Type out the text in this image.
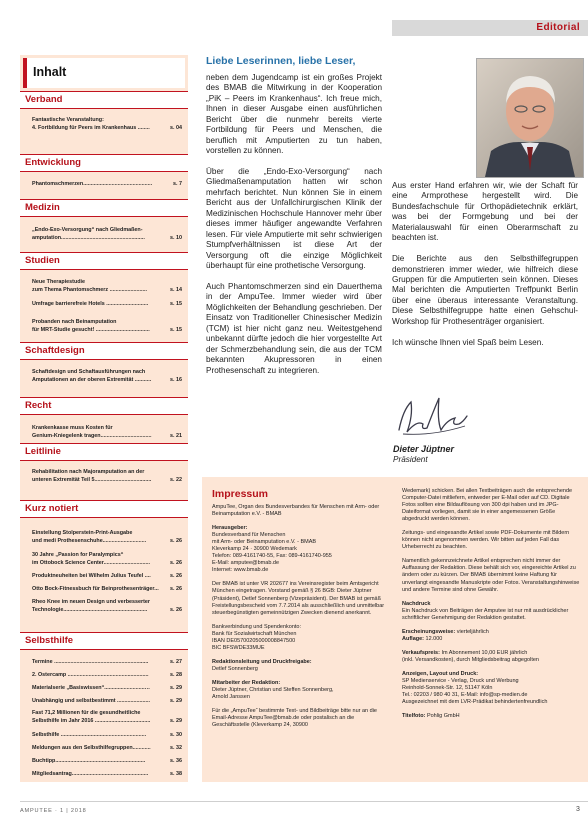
Editorial
Inhalt
Verband
Fantastische Veranstaltung:
4. Fortbildung für Peers im Krankenhaus ........	s. 04
Entwicklung
Phantomschmerzen..............................................	s. 7
Medizin
„Endo-Exo-Versorgung“ nach Gliedmaßen-
amputation........................................................	s. 10
Studien
Neue Therapiestudie
zum Thema Phantomschmerz .........................	s. 14
Umfrage barrierefreie Hotels ............................	s. 15
Probanden nach Beinamputation
für MRT-Studie gesucht! ....................................	s. 15
Schaftdesign
Schaftdesign und Schaftausführungen nach
Amputationen an der oberen Extremität ...........	s. 16
Recht
Krankenkasse muss Kosten für
Genium-Kniegelenk tragen..................................	s. 21
Leitlinie
Rehabilitation nach Majoramputation an der
unteren Extremität Teil 5......................................	s. 22
Kurz notiert
Einstellung Stolperstein-Print-Ausgabe
und medi Prothesenschuhe.............................	s. 26
30 Jahre „Passion for Paralympics“
im Ottobock Science Center...............................	s. 26
Produktneuheiten bei Wilhelm Julius Teufel ....	s. 26
Otto Bock-Fitnessbuch für Beinprothesenträger...	s. 26
Rheo Knee im neuen Design und verbesserter
Technologie........................................................	s. 26
Selbsthilfe
Termine ...............................................................	s. 27
2. Ostercamp ......................................................	s. 28
Materialserie „Basiswissen“...........................…	s. 29
Unabhängig und selbstbestimmt ......................	s. 29
Fast 71,2 Millionen für die gesundheitliche
Selbsthilfe im Jahr 2016 .....................................	s. 29
Selbsthilfe .........................................................	s. 30
Meldungen aus den Selbsthilfegruppen............	s. 32
Buchtipp............................................................	s. 36
Mitgliedsantrag...................................................	s. 38
Liebe Leserinnen, liebe Leser,

neben dem Jugendcamp ist ein großes Projekt des BMAB die Mitwirkung in der Kooperation „PiK – Peers im Krankenhaus“. Ich freue mich, Ihnen in dieser Ausgabe einen ausführlichen Bericht über die nunmehr bereits vierte Fortbildung für Peers und Menschen, die beruflich mit Amputierten zu tun haben, vorstellen zu können.

Über die „Endo-Exo-Versorgung“ nach Gliedmaßenamputation hatten wir schon mehrfach berichtet. Nun können Sie in einem Bericht aus der Unfallchirurgischen Klinik der Medizinischen Hochschule Hannover mehr über dieses immer häufiger angewandte Verfahren lesen. Für viele Amputierte mit sehr schwierigen Stumpfverhältnissen ist diese Art der Versorgung oft die einzige Möglichkeit überhaupt für eine prothetische Versorgung.

Auch Phantomschmerzen sind ein Dauerthema in der AmpuTee. Immer wieder wird über Möglichkeiten der Behandlung geschrieben. Der Einsatz von Traditioneller Chinesischer Medizin (TCM) ist hier nicht ganz neu. Weitestgehend unbekannt dürfte jedoch die hier vorgestellte Art der Schmerzbehandlung sein, die aus der TCM bekannten Akupressoren in einen Prothesenschaft zu integrieren.

Aus erster Hand erfahren wir, wie der Schaft für eine Armprothese hergestellt wird. Die Bundesfachschule für Orthopädietechnik erklärt, was bei der Formgebung und bei der Materialauswahl für einen Oberarmschaft zu beachten ist.

Die Berichte aus den Selbsthilfegruppen demonstrieren immer wieder, wie hilfreich diese Gruppen für die Amputierten sein können. Dieses Mal berichten die Amputierten Treffpunkt Berlin über eine überaus interessante Veranstaltung. Diese Selbsthilfegruppe hatte einen Gehschul-Workshop für Prothesenträger organisiert.

Ich wünsche Ihnen viel Spaß beim Lesen.

Dieter Jüptner
Präsident
Impressum

AmpuTee, Organ des Bundesverbandes für Menschen mit Arm- oder Beinamputation e.V. - BMAB

Herausgeber:
Bundesverband für Menschen
mit Arm- oder Beinamputation e.V. - BMAB
Kleverkamp 24 · 30900 Wedemark
Telefon: 089-4161740-55, Fax: 089-4161740-955
E-Mail: amputee@bmab.de
Internet: www.bmab.de

Der BMAB ist unter VR 202677 ins Vereinsregister beim Amtsgericht München eingetragen. Vorstand gemäß § 26 BGB: Dieter Jüptner (Präsident), Detlef Sonnenberg (Vizepräsident). Der BMAB ist gemäß Freistellungsbescheid vom 7.7.2014 als ausschließlich und unmittelbar steuerbegünstigten gemeinnützigen Zwecken dienend anerkannt.

Bankverbindung und Spendenkonto:
Bank für Sozialwirtschaft München
IBAN DE05700205000008847500
BIC BFSWDE33MUE

Redaktionsleitung und Druckfreigabe:
Detlef Sonnenberg

Mitarbeiter der Redaktion:
Dieter Jüptner, Christian und Steffen Sonnenberg,
Arnold Janssen

Für die „AmpuTee“ bestimmte Text- und Bildbeiträge bitte nur an die Email-Adresse AmpuTee@bmab.de oder postalisch an die Geschäftsstelle (Kleverkamp 24, 30900

Wedemark) schicken. Bei allen Textbeiträgen auch die entsprechende Computer-Datei mitliefern, entweder per E-Mail oder auf CD. Digitale Fotos sollten eine Bildauflösung von 300 dpi haben und im JPG-Dateiformat vorliegen, damit sie in einer angemessenen Größe abgedruckt werden können.

Zeitungs- und eingesandte Artikel sowie PDF-Dokumente mit Bildern können nicht angenommen werden. Wir bitten auf jeden Fall das Urheberrecht zu beachten.

Namentlich gekennzeichnete Artikel entsprechen nicht immer der Auffassung der Redaktion. Diese behält sich vor, eingereichte Artikel zu ändern oder zu kürzen. Der BMAB übernimmt keine Haftung für unverlangt eingesandte Manuskripte oder Fotos. Veranstaltungshinweise und andere Termine sind ohne Gewähr.

Nachdruck
Ein Nachdruck von Beiträgen der Amputee ist nur mit ausdrücklicher schriftlicher Genehmigung der Redaktion gestattet.

Erscheinungsweise: vierteljährlich
Auflage: 12.000

Verkaufspreis: Im Abonnement 10,00 EUR jährlich
(inkl. Versandkosten), durch Mitgliedsbeitrag abgegolten

Anzeigen, Layout und Druck:
SP Medienservice - Verlag, Druck und Werbung
Reinhold-Sonnek-Str. 12, 51147 Köln
Tel.: 02203 / 980 40 31, E-Mail: info@sp-medien.de
Ausgezeichnet mit dem LVR-Prädikat behindertenfreundlich

Titelfoto: Pohlig GmbH

AMPUTEE · 1 | 2018	3
